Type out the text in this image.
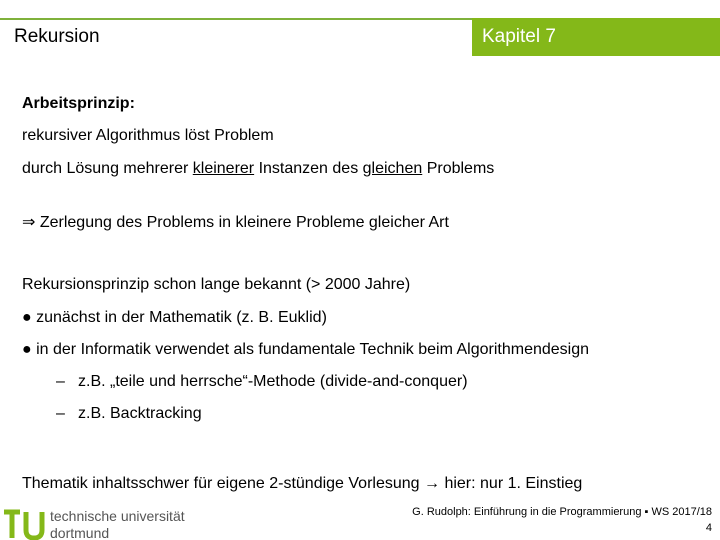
Rekursion	Kapitel 7
Arbeitsprinzip:
rekursiver Algorithmus löst Problem
durch Lösung mehrerer kleinerer Instanzen des gleichen Problems
⇒ Zerlegung des Problems in kleinere Probleme gleicher Art
Rekursionsprinzip schon lange bekannt (> 2000 Jahre)
● zunächst in der Mathematik (z. B. Euklid)
● in der Informatik verwendet als fundamentale Technik beim Algorithmendesign
– z.B. „teile und herrsche“-Methode (divide-and-conquer)
– z.B. Backtracking
Thematik inhaltsschwer für eigene 2-stündige Vorlesung → hier: nur 1. Einstieg
technische universität
dortmund
G. Rudolph: Einführung in die Programmierung ▪ WS 2017/18
4
